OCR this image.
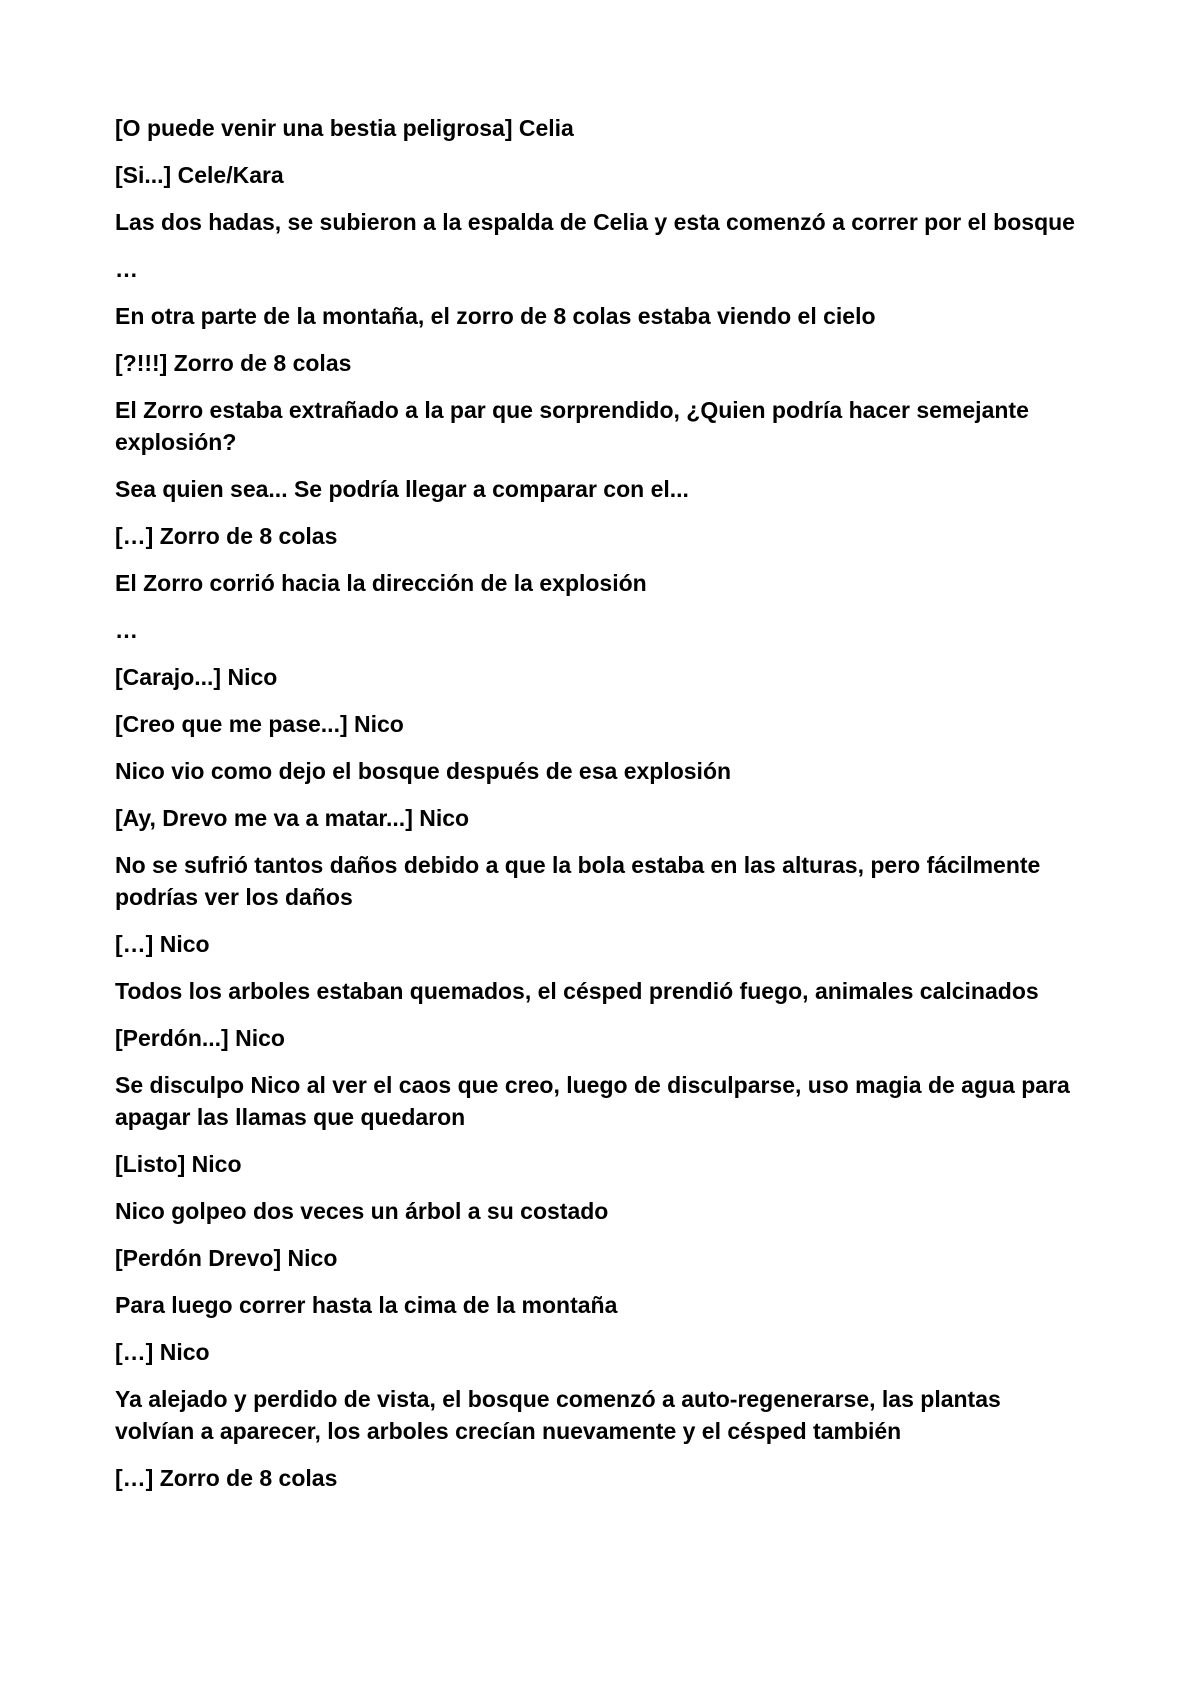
[O puede venir una bestia peligrosa] Celia

[Si...] Cele/Kara

Las dos hadas, se subieron a la espalda de Celia y esta comenzó a correr por el bosque

…

En otra parte de la montaña, el zorro de 8 colas estaba viendo el cielo

[?!!!] Zorro de 8 colas

El Zorro estaba extrañado a la par que sorprendido, ¿Quien podría hacer semejante explosión?

Sea quien sea... Se podría llegar a comparar con el...

[…] Zorro de 8 colas

El Zorro corrió hacia la dirección de la explosión

…

[Carajo...] Nico

[Creo que me pase...] Nico

Nico vio como dejo el bosque después de esa explosión

[Ay, Drevo me va a matar...] Nico

No se sufrió tantos daños debido a que la bola estaba en las alturas, pero fácilmente podrías ver los daños

[…] Nico

Todos los arboles estaban quemados, el césped prendió fuego, animales calcinados

[Perdón...] Nico

Se disculpo Nico al ver el caos que creo, luego de disculparse, uso magia de agua para apagar las llamas que quedaron

[Listo] Nico

Nico golpeo dos veces un árbol a su costado

[Perdón Drevo] Nico

Para luego correr hasta la cima de la montaña

[…] Nico

Ya alejado y perdido de vista, el bosque comenzó a auto-regenerarse, las plantas volvían a aparecer, los arboles crecían nuevamente y el césped también

[…] Zorro de 8 colas
